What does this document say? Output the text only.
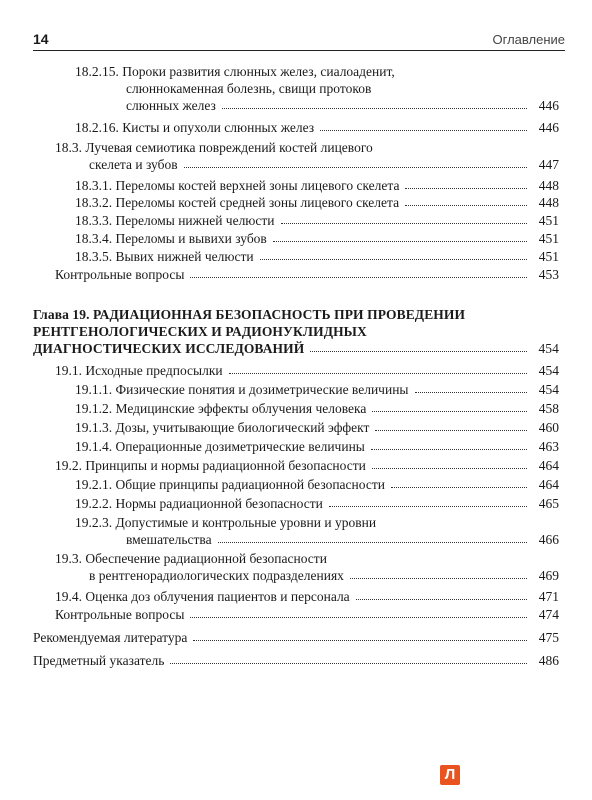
14	Оглавление
18.2.15. Пороки развития слюнных желез, сиалоаденит,
слюннокаменная болезнь, свищи протоков
слюнных желез	446
18.2.16. Кисты и опухоли слюнных желез	446
18.3. Лучевая семиотика повреждений костей лицевого
скелета и зубов	447
18.3.1. Переломы костей верхней зоны лицевого скелета	448
18.3.2. Переломы костей средней зоны лицевого скелета	448
18.3.3. Переломы нижней челюсти	451
18.3.4. Переломы и вывихи зубов	451
18.3.5. Вывих нижней челюсти	451
Контрольные вопросы	453
Глава 19. РАДИАЦИОННАЯ БЕЗОПАСНОСТЬ ПРИ ПРОВЕДЕНИИ
РЕНТГЕНОЛОГИЧЕСКИХ И РАДИОНУКЛИДНЫХ
ДИАГНОСТИЧЕСКИХ ИССЛЕДОВАНИЙ	454
19.1. Исходные предпосылки	454
19.1.1. Физические понятия и дозиметрические величины	454
19.1.2. Медицинские эффекты облучения человека	458
19.1.3. Дозы, учитывающие биологический эффект	460
19.1.4. Операционные дозиметрические величины	463
19.2. Принципы и нормы радиационной безопасности	464
19.2.1. Общие принципы радиационной безопасности	464
19.2.2. Нормы радиационной безопасности	465
19.2.3. Допустимые и контрольные уровни и уровни
вмешательства	466
19.3. Обеспечение радиационной безопасности
в рентгенорадиологических подразделениях	469
19.4. Оценка доз облучения пациентов и персонала	471
Контрольные вопросы	474
Рекомендуемая литература	475
Предметный указатель	486
Л
